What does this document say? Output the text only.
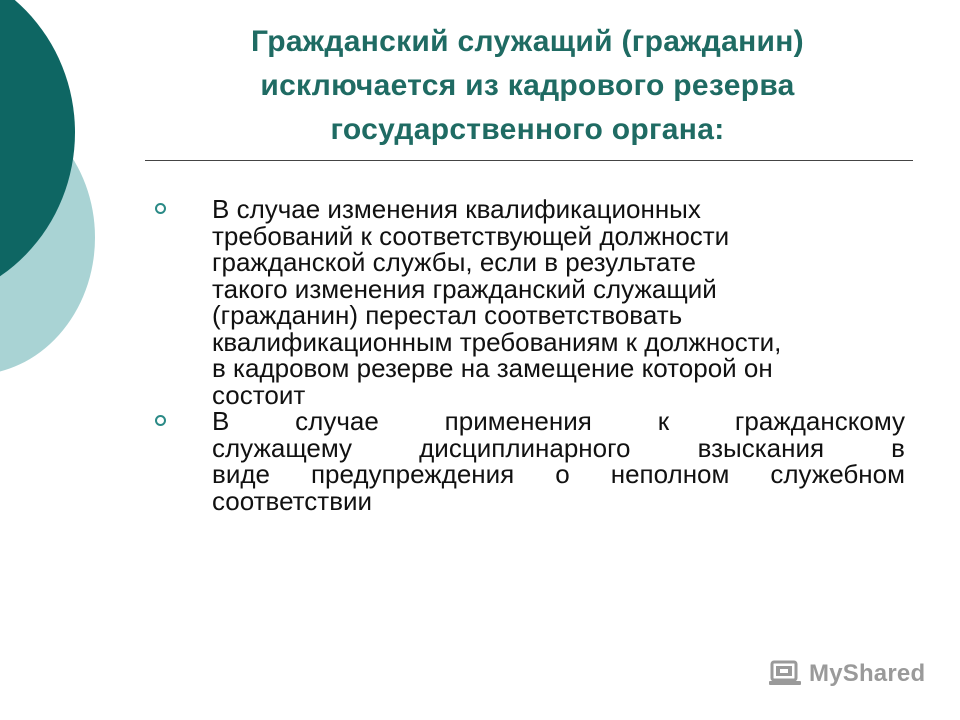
Гражданский служащий (гражданин)
исключается из кадрового резерва
государственного органа:
В случае изменения квалификационных
требований к соответствующей должности
гражданской службы, если в результате
такого изменения гражданский служащий
(гражданин) перестал соответствовать
квалификационным требованиям к должности,
в кадровом резерве на замещение которой он
состоит
В случае применения к гражданскому
служащему дисциплинарного взыскания в
виде предупреждения о неполном служебном
соответствии
MyShared
